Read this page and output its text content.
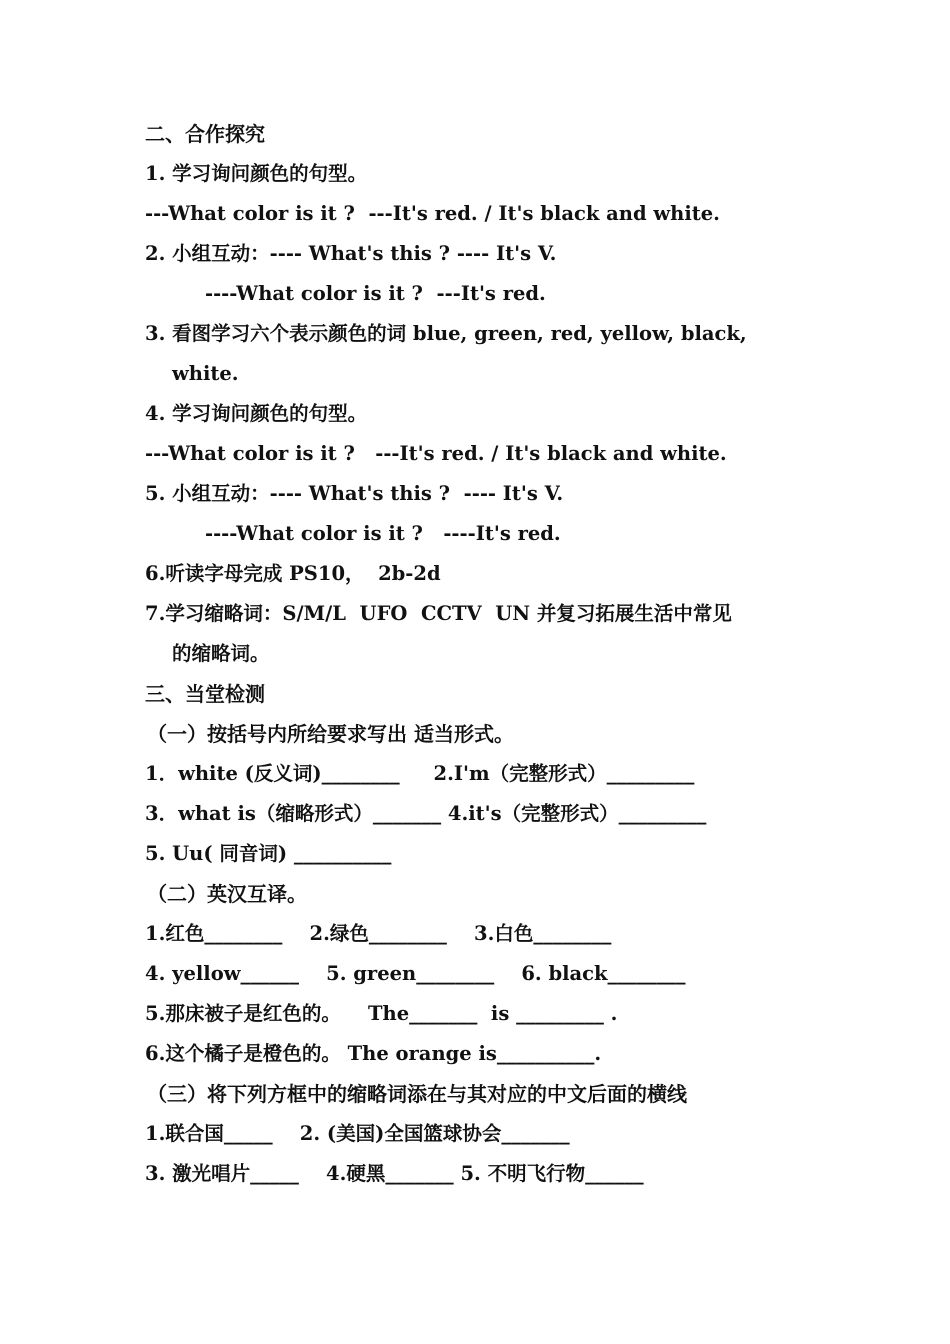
二、合作探究
1. 学习询问颜色的句型。
---What color is it ?  ---It's red. / It's black and white.
2. 小组互动：---- What's this ? ---- It's V.
----What color is it ?  ---It's red.
3. 看图学习六个表示颜色的词 blue, green, red, yellow, black,
white.
4. 学习询问颜色的句型。
---What color is it ?   ---It's red. / It's black and white.
5. 小组互动：---- What's this ?  ---- It's V.
----What color is it ?   ----It's red.
6.听读字母完成 PS10，  2b-2d
7.学习缩略词：S/M/L  UFO  CCTV  UN 并复习拓展生活中常见
的缩略词。
三、当堂检测
（一）按括号内所给要求写出 适当形式。
1．white (反义词)________     2.I'm（完整形式）_________
3．what is（缩略形式）_______ 4.it's（完整形式）_________
5. Uu( 同音词) __________
（二）英汉互译。
1.红色________    2.绿色________    3.白色________
4. yellow______    5. green________    6. black________
5.那床被子是红色的。    The_______  is _________ .
6.这个橘子是橙色的。 The orange is__________.
（三）将下列方框中的缩略词添在与其对应的中文后面的横线
1.联合国_____    2. (美国)全国篮球协会_______
3. 激光唱片_____    4.硬黑_______ 5. 不明飞行物______
